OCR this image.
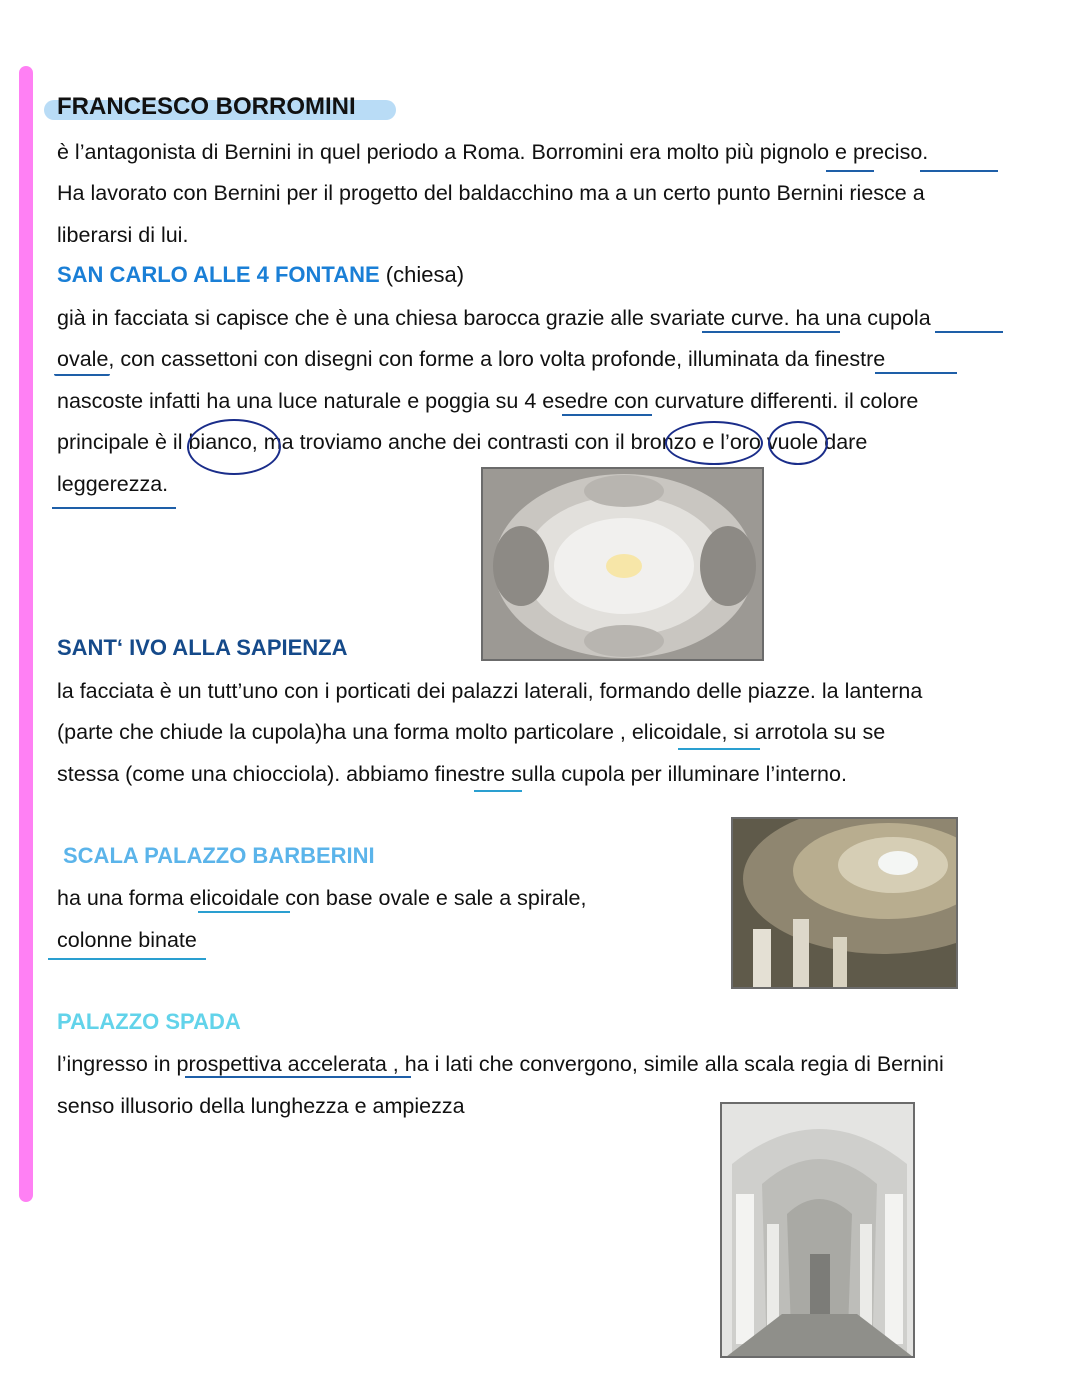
FRANCESCO BORROMINI
è l’antagonista di Bernini in quel periodo a Roma. Borromini era molto più pignolo e preciso.
Ha lavorato con Bernini per il progetto del baldacchino ma a un certo punto Bernini riesce a
liberarsi di lui.
SAN CARLO ALLE 4 FONTANE (chiesa)
già in facciata si capisce che è una chiesa barocca grazie alle svariate curve. ha una cupola
ovale, con cassettoni con disegni con forme a loro volta profonde, illuminata da finestre
nascoste infatti ha una luce naturale e poggia su 4 esedre con curvature differenti. il colore
principale è il bianco, ma troviamo anche dei contrasti con il bronzo e l’oro vuole dare
leggerezza.
SANT‘ IVO ALLA SAPIENZA
la facciata è un tutt’uno con i porticati dei palazzi laterali, formando delle piazze. la lanterna
(parte che chiude la cupola)ha una forma molto particolare , elicoidale, si arrotola su se
stessa (come una chiocciola). abbiamo finestre sulla cupola per illuminare l’interno.
SCALA PALAZZO BARBERINI
ha una forma elicoidale con base ovale e sale a spirale,
colonne binate
PALAZZO SPADA
l’ingresso in prospettiva accelerata , ha i lati che convergono, simile alla scala regia di Bernini
senso illusorio della lunghezza e ampiezza
